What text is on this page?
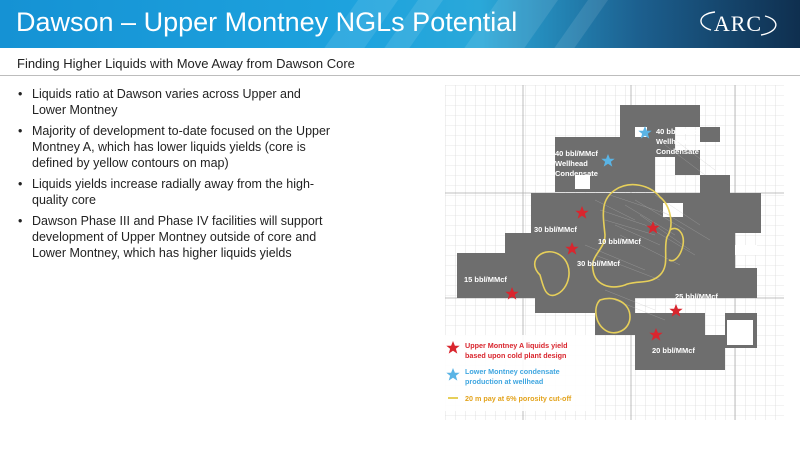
Dawson – Upper Montney NGLs Potential	ARC
Finding Higher Liquids with Move Away from Dawson Core
• Liquids ratio at Dawson varies across Upper and Lower Montney
• Majority of development to-date focused on the Upper Montney A, which has lower liquids yields (core is defined by yellow contours on map)
• Liquids yields increase radially away from the high-quality core
• Dawson Phase III and Phase IV facilities will support development of Upper Montney outside of core and Lower Montney, which has higher liquids yields
40 bbl/MMcf
Wellhead
Condensate
40 bbl/MMcf
Wellhead
Condensate
30 bbl/MMcf
10 bbl/MMcf
30 bbl/MMcf
15 bbl/MMcf
25 bbl/MMcf
20 bbl/MMcf
Upper Montney A liquids yield
based upon cold plant design
Lower Montney condensate
production at wellhead
20 m pay at 6% porosity cut-off
